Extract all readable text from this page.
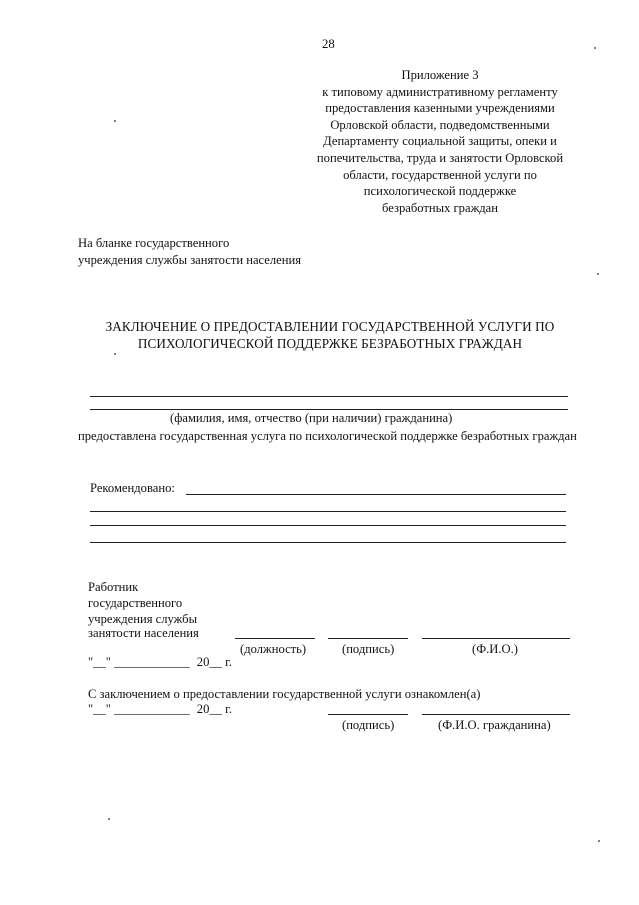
28
Приложение 3
к типовому административному регламенту
предоставления казенными учреждениями
Орловской области, подведомственными
Департаменту социальной защиты, опеки и
попечительства, труда и занятости Орловской
области, государственной услуги по
психологической поддержке
безработных граждан
На бланке государственного
учреждения службы занятости населения
ЗАКЛЮЧЕНИЕ О ПРЕДОСТАВЛЕНИИ ГОСУДАРСТВЕННОЙ УСЛУГИ ПО
ПСИХОЛОГИЧЕСКОЙ ПОДДЕРЖКЕ БЕЗРАБОТНЫХ ГРАЖДАН
(фамилия, имя, отчество (при наличии) гражданина)
предоставлена государственная услуга по психологической поддержке безработных граждан
Рекомендовано:
Работник
государственного
учреждения службы
занятости населения
(должность)	(подпись)	(Ф.И.О.)
"__" ____________ 20__ г.
С заключением о предоставлении государственной услуги ознакомлен(а)
"__" ____________ 20__ г.
(подпись)	(Ф.И.О. гражданина)
